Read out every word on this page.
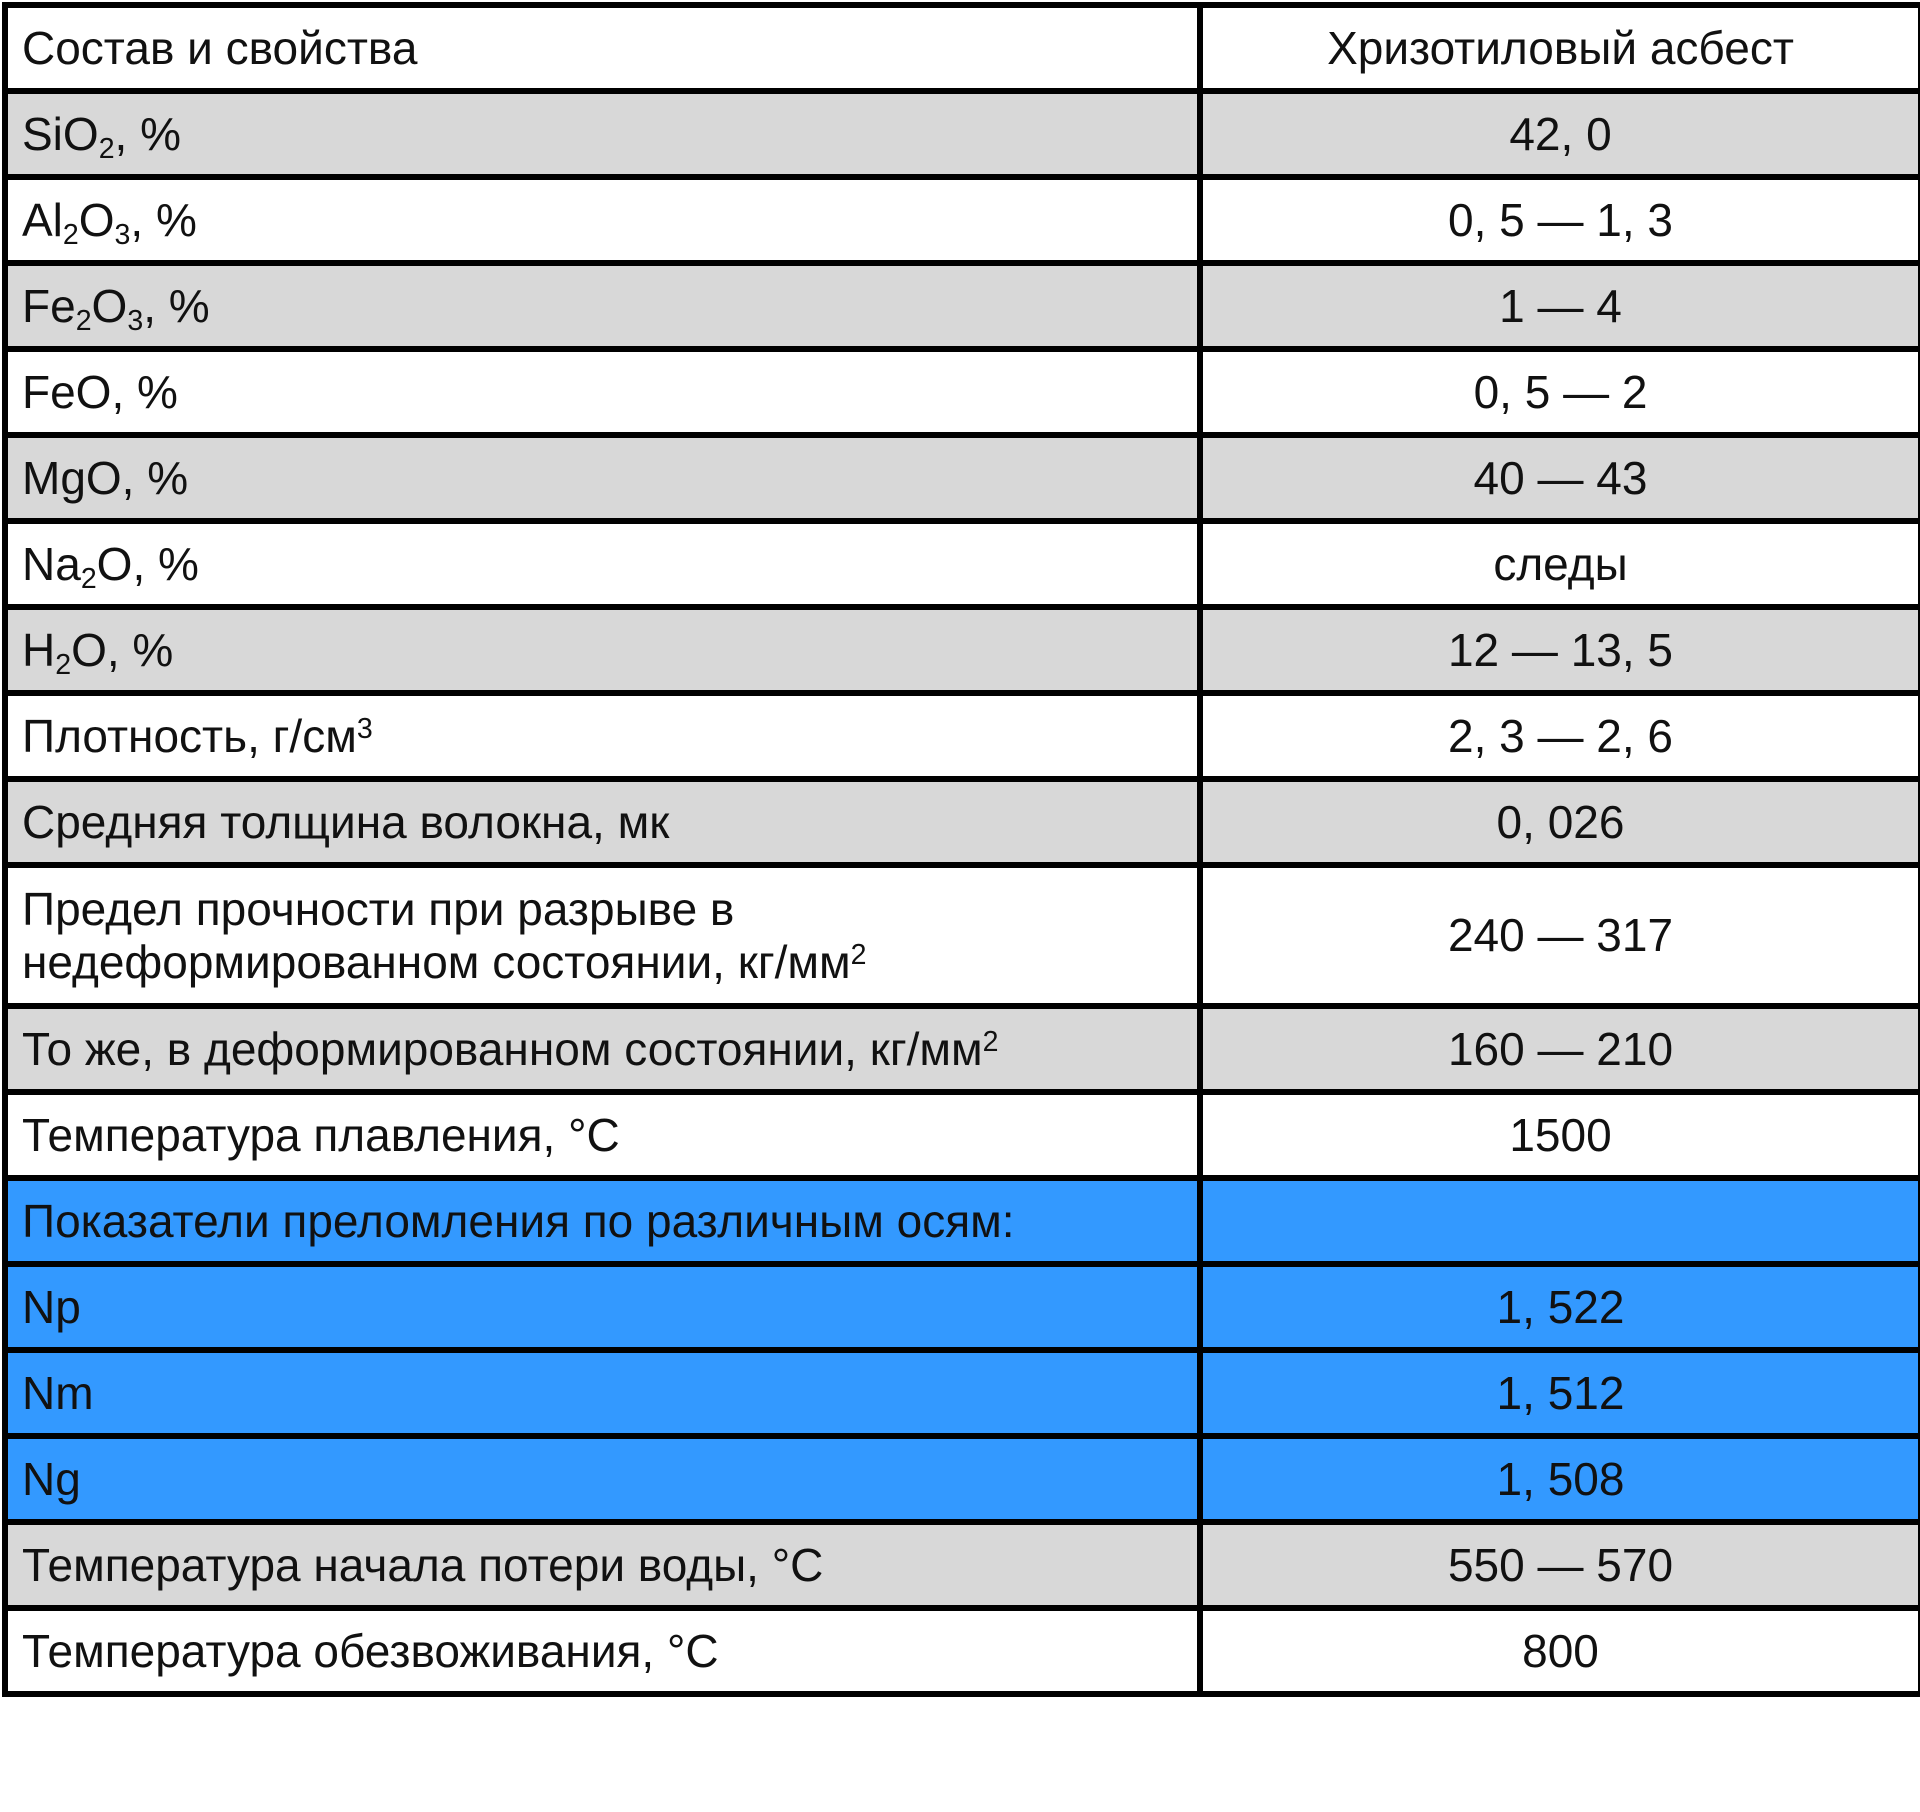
Состав и свойства	Хризотиловый асбест
SiO$_2$, %	42, 0
$Al_2O_3$, %	0, 5 — 1, 3
$Fe_2O_3$, %	1 — 4
FeO, %	0, 5 — 2
MgO, %	40 — 43
$Na_2O$, %	следы
$H_2O$, %	12 — 13, 5
Плотность, $г/см^3$	2, 3 — 2, 6
Средняя толщина волокна, мк	0, 026
Предел прочности при разрыве в
недеформированном состоянии, $кг/мм^2$	240 — 317
То же, в деформированном состоянии, $кг/мм^2$	160 — 210
Температура плавления, °C	1500
Показатели преломления по различным осям:	
Np	1, 522
Nm	1, 512
Ng	1, 508
Температура начала потери воды, °C	550 — 570
Температура обезвоживания, °C	800
